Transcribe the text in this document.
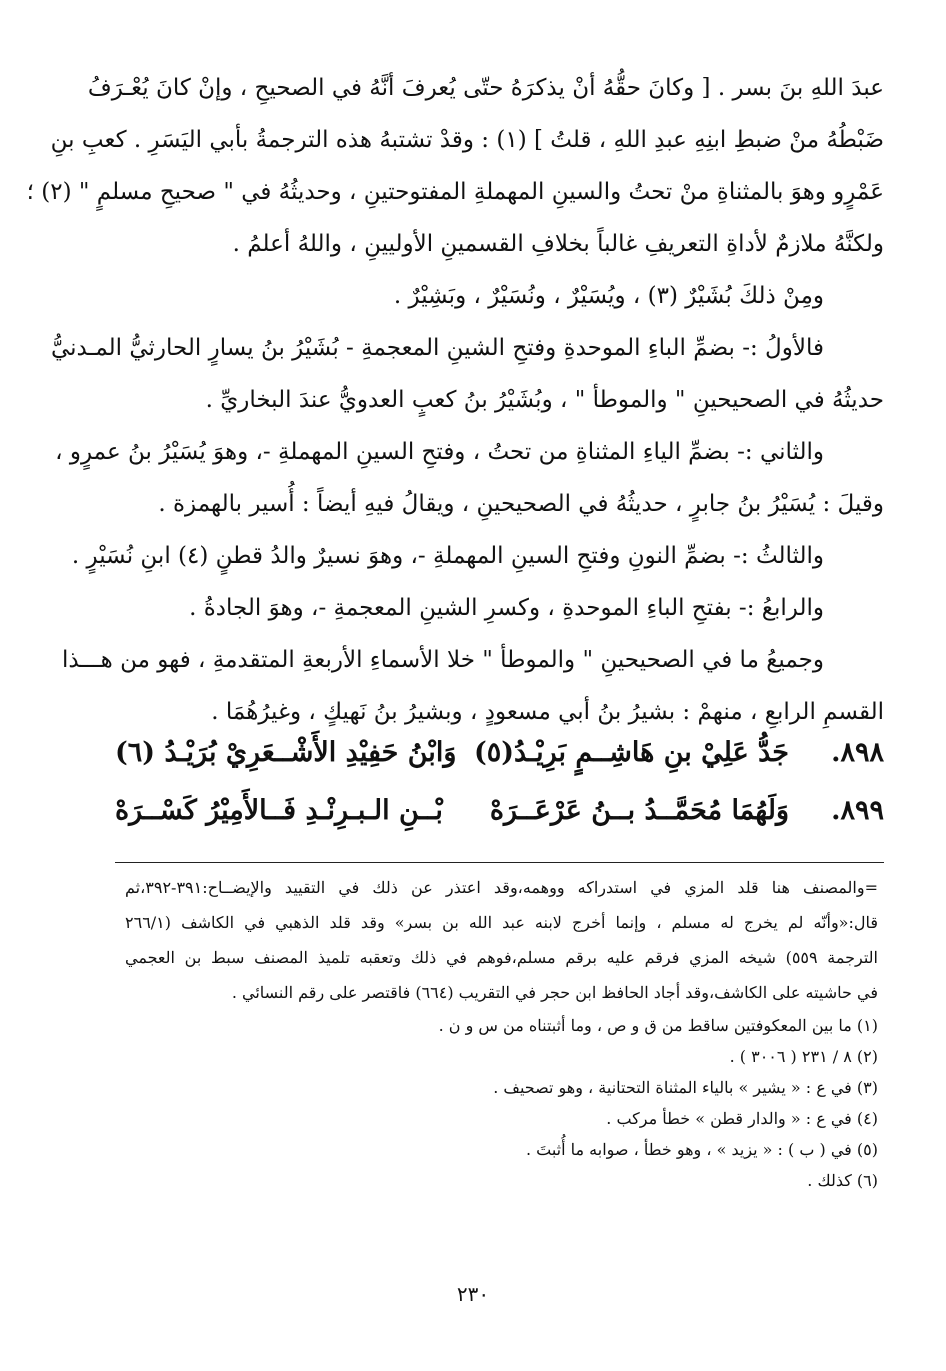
عبدَ اللهِ بنَ بسر . [ وكانَ حقُّهُ أنْ يذكرَهُ حتّى يُعرفَ أنَّهُ في الصحيحِ ، وإنْ كانَ يُعْـرَفُ
ضَبْطُهُ منْ ضبطِ ابنِهِ عبدِ اللهِ ، قلتُ ] (١) : وقدْ تشتبهُ هذه الترجمةُ بأبي اليَسَرِ . كعبِ بنِ
عَمْرٍو وهوَ بالمثناةِ منْ تحتُ والسينِ المهملةِ المفتوحتينِ ، وحديثُهُ في " صحيحِ مسلمٍ " (٢) ؛
ولكنَّهُ ملازمٌ لأداةِ التعريفِ غالباً بخلافِ القسمينِ الأوليينِ ، واللهُ أعلمُ .
ومِنْ ذلكَ بُشَيْرٌ (٣) ، ويُسَيْرٌ ، ونُسَيْرٌ ، وبَشِيْرٌ .
فالأولُ :- بضمِّ الباءِ الموحدةِ وفتحِ الشينِ المعجمةِ - بُشَيْرُ بنُ يسارٍ الحارثيُّ المـدنيُّ
حديثُهُ في الصحيحينِ " والموطأ " ، وبُشَيْرُ بنُ كعبٍ العدويُّ عندَ البخاريِّ .
والثاني :- بضمِّ الياءِ المثناةِ من تحتُ ، وفتحِ السينِ المهملةِ -، وهوَ يُسَيْرُ بنُ عمرٍو ،
وقيلَ : يُسَيْرُ بنُ جابرٍ ، حديثُهُ في الصحيحينِ ، ويقالُ فيهِ أيضاً : أُسير بالهمزة .
والثالثُ :- بضمِّ النونِ وفتحِ السينِ المهملةِ -، وهوَ نسيرٌ والدُ قطنٍ (٤) ابنِ نُسَيْرٍ .
والرابعُ :- بفتحِ الباءِ الموحدةِ ، وكسرِ الشينِ المعجمةِ -، وهوَ الجادةُ .
وجميعُ ما في الصحيحينِ " والموطأ " خلا الأسماءِ الأربعةِ المتقدمةِ ، فهو من هـــذا
القسمِ الرابعِ ، منهمْ : بشيرُ بنُ أبي مسعودٍ ، وبشيرُ بنُ نَهيكٍ ، وغيرُهُمَا .
٨٩٨.
جَدُّ عَلِيْ بنِ هَاشِــمٍ بَرِيْـدُ(٥)
وَابْنُ حَفِيْدِ الأَشْــعَرِيْ بُرَيْـدُ (٦)
٨٩٩.
وَلَهُمَا مُحَمَّــدُ بــنُ عَرْعَــرَهْ
بْــنِ الـبـرِنْـدِ فَــالأَمِيْرُ كَسْــرَهْ
=والمصنف هنا قلد المزي في استدراكه ووهمه،وقد اعتذر عن ذلك في التقييد والإيضــاح:٣٩١-٣٩٢،ثم
قال:«وأنّه لم يخرج له مسلم ، وإنما أخرج لابنه عبد الله بن بسر» وقد قلد الذهبي في الكاشف (٢٦٦/١
الترجمة ٥٥٩) شيخه المزي فرقم عليه برقم مسلم،فوهم في ذلك وتعقبه تلميذ المصنف سبط بن العجمي
في حاشيته على الكاشف،وقد أجاد الحافظ ابن حجر في التقريب (٦٦٤) فاقتصر على رقم النسائي .
(١) ما بين المعكوفتين ساقط من ق و ص ، وما أثبتناه من س و ن .
(٢) ٨ / ٢٣١ ( ٣٠٠٦ ) .
(٣) في ع : « يشير » بالياء المثناة التحتانية ، وهو تصحيف .
(٤) في ع : « والدار قطن » خطأ مركب .
(٥) في ( ب ) : « يزيد » ، وهو خطأ ، صوابه ما أُثبتَ .
(٦) كذلك .
٢٣٠
